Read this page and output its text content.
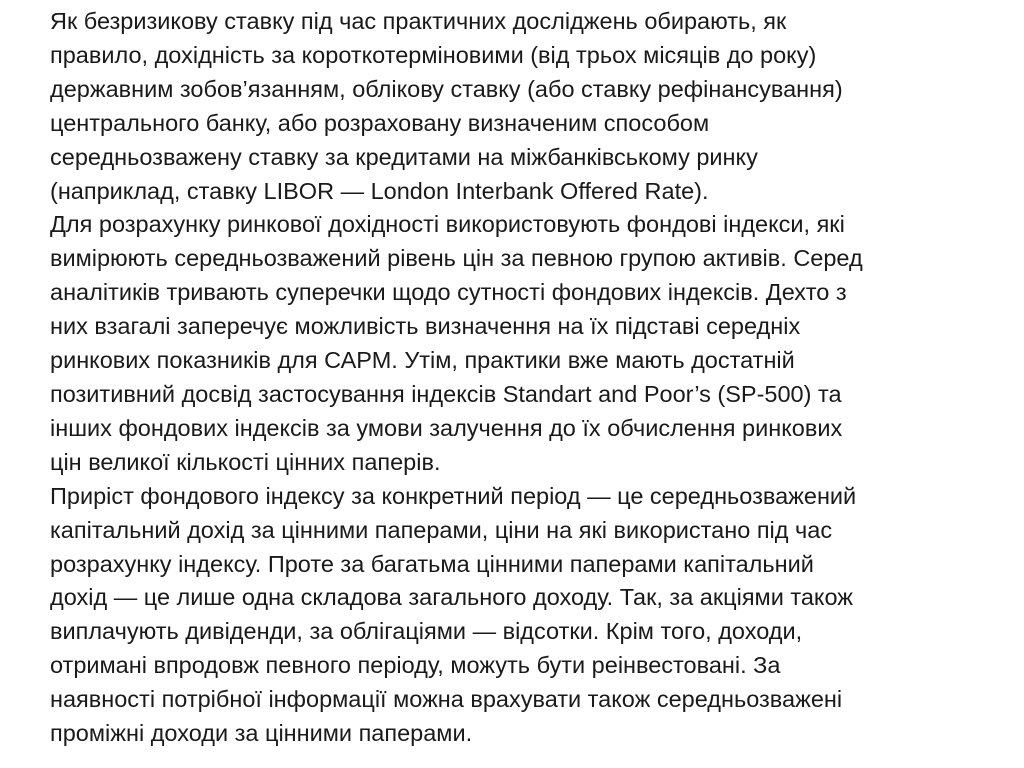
Як безризикову ставку під час практичних досліджень обирають, як
правило, дохідність за короткотерміновими (від трьох місяців до року)
державним зобов’язанням, облікову ставку (або ставку рефінансування)
центрального банку, або розраховану визначеним способом
середньозважену ставку за кредитами на міжбанківському ринку
(наприклад, ставку LIBOR — London Interbank Offered Rate).
Для розрахунку ринкової дохідності використовують фондові індекси, які
вимірюють середньозважений рівень цін за певною групою активів. Серед
аналітиків тривають суперечки щодо сутності фондових індексів. Дехто з
них взагалі заперечує можливість визначення на їх підставі середніх
ринкових показників для САРМ. Утім, практики вже мають достатній
позитивний досвід застосування індексів Standart and Poor’s (SP-500) та
інших фондових індексів за умови залучення до їх обчислення ринкових
цін великої кількості цінних паперів.
Приріст фондового індексу за конкретний період — це середньозважений
капітальний дохід за цінними паперами, ціни на які використано під час
розрахунку індексу. Проте за багатьма цінними паперами капітальний
дохід — це лише одна складова загального доходу. Так, за акціями також
виплачують дивіденди, за облігаціями — відсотки. Крім того, доходи,
отримані впродовж певного періоду, можуть бути реінвестовані. За
наявності потрібної інформації можна врахувати також середньозважені
проміжні доходи за цінними паперами.
